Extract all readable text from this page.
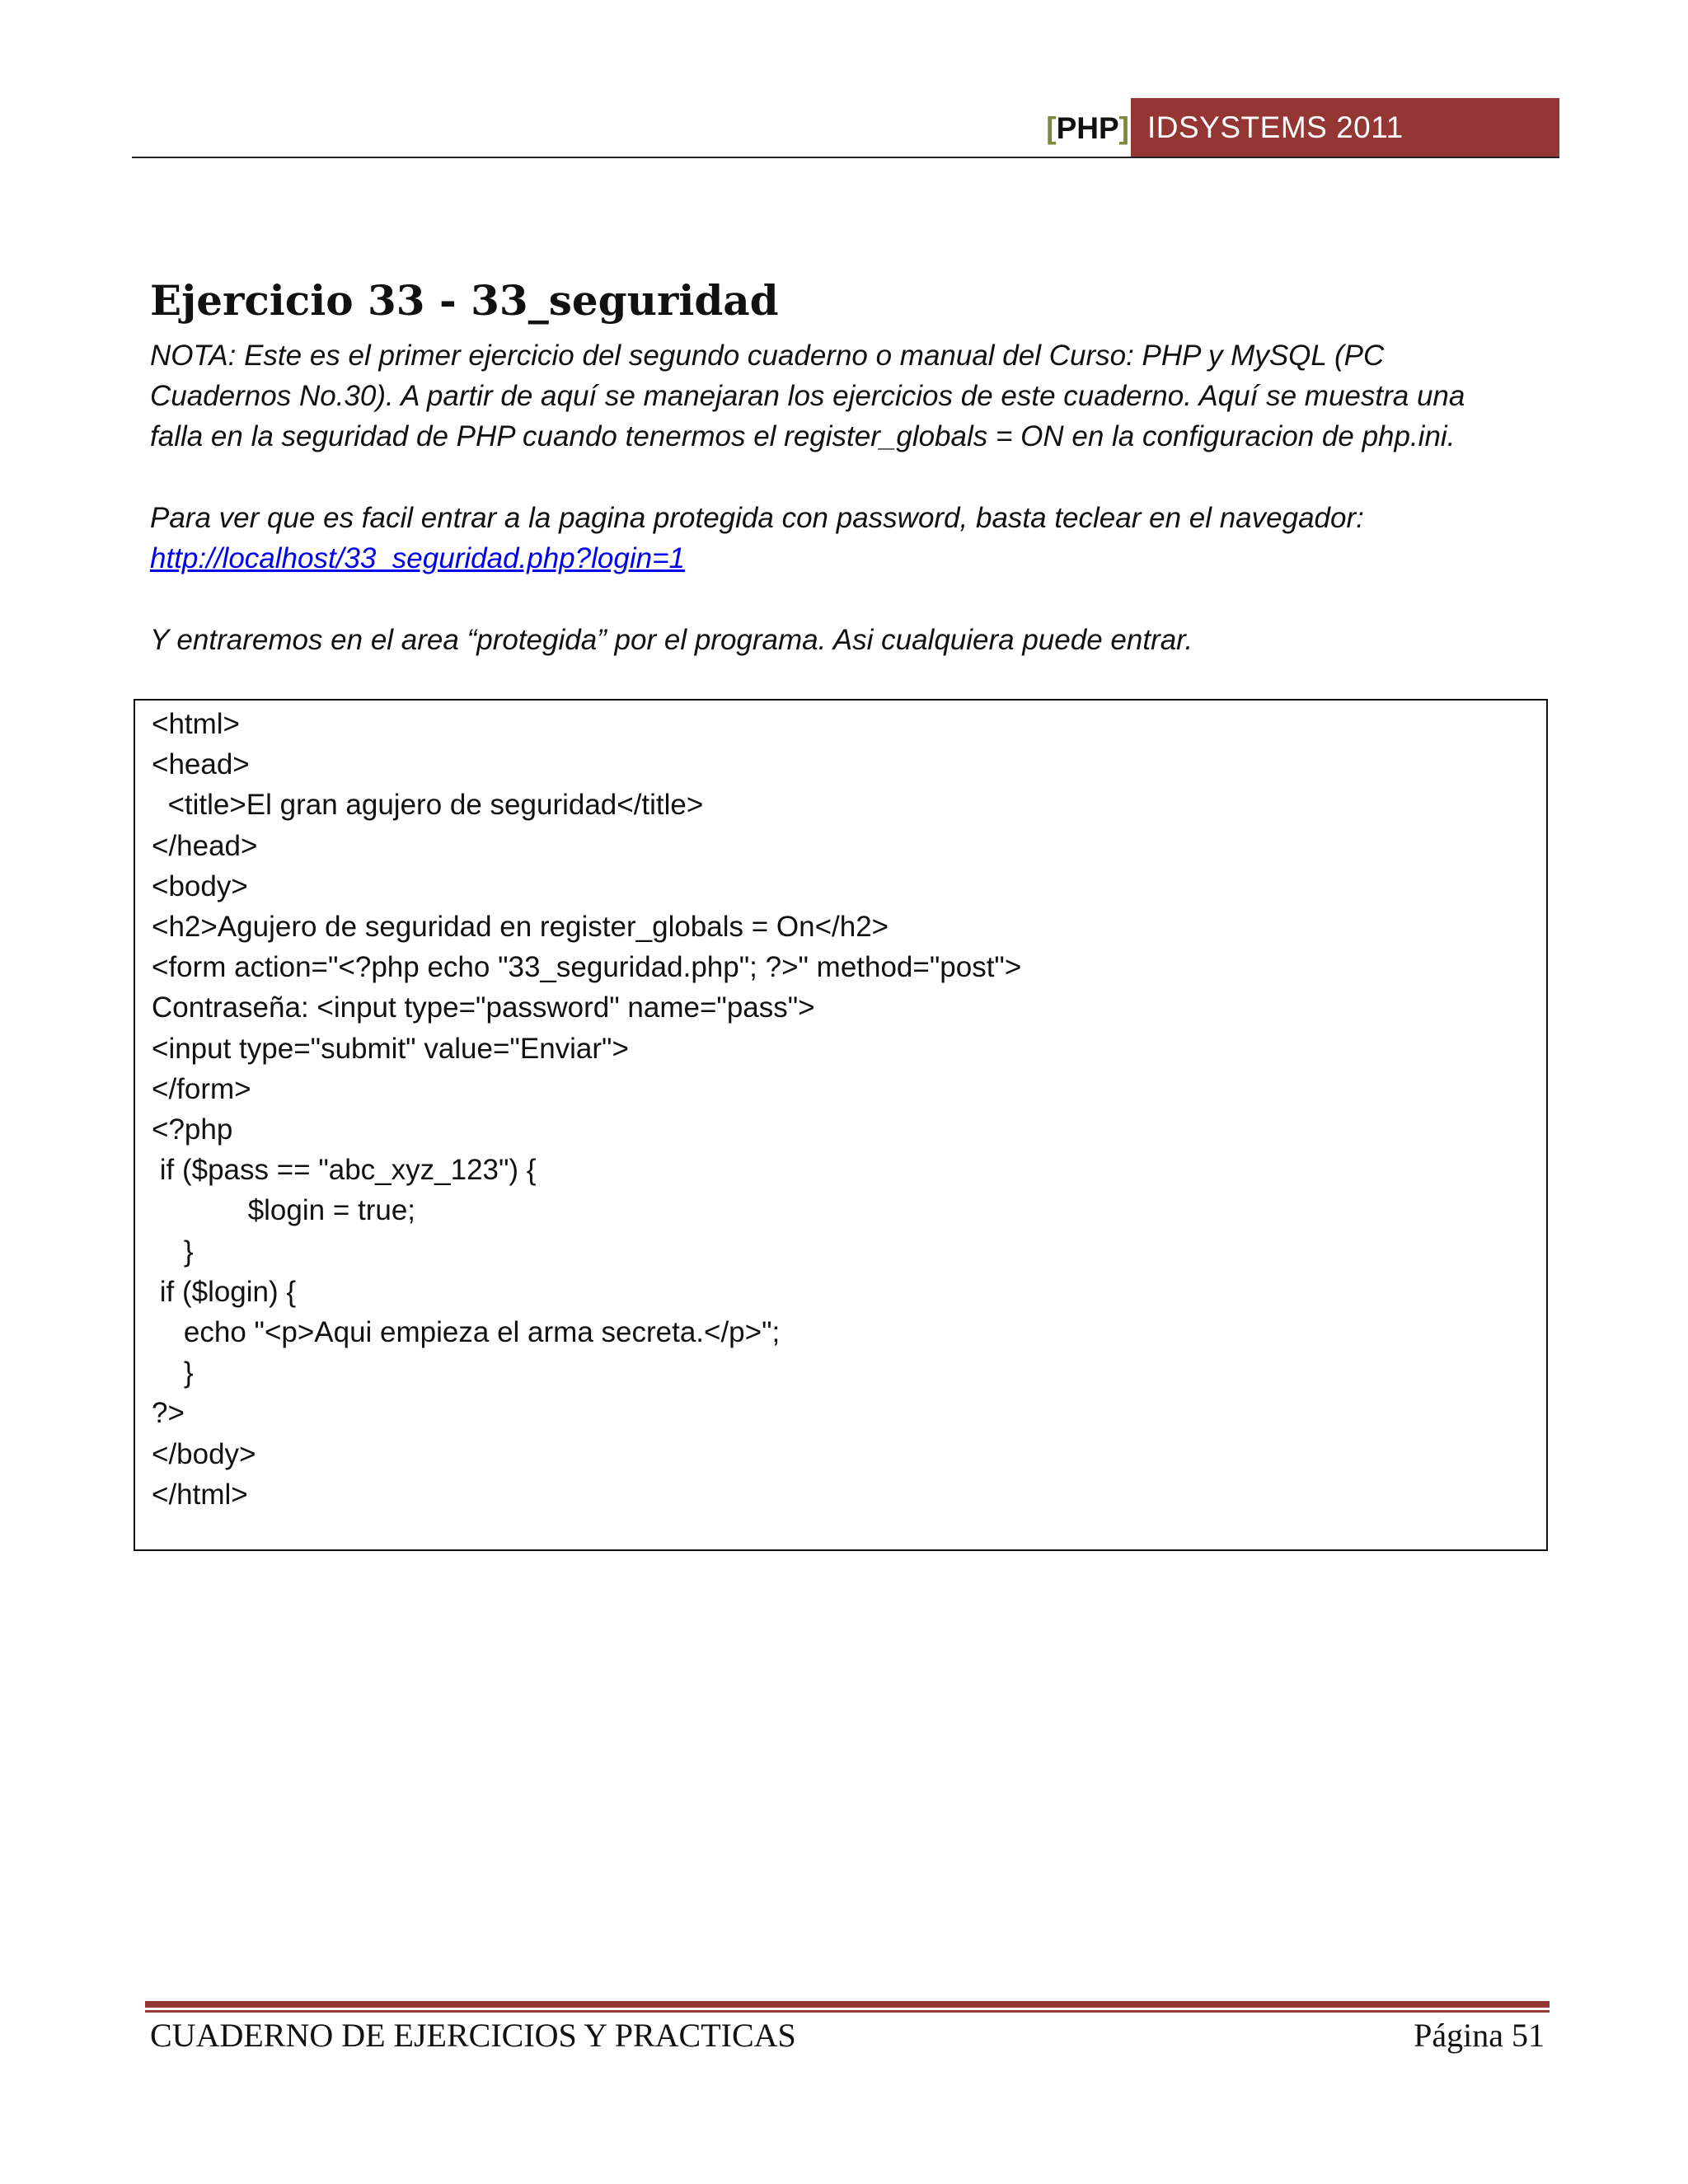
[PHP] IDSYSTEMS 2011
Ejercicio 33 - 33_seguridad
NOTA: Este es el primer ejercicio del segundo cuaderno o manual del Curso: PHP y MySQL (PC
Cuadernos No.30). A partir de aquí se manejaran los ejercicios de este cuaderno. Aquí se muestra una
falla en la seguridad de PHP cuando tenermos el register_globals = ON en la configuracion de php.ini.
Para ver que es facil entrar a la pagina protegida con password, basta teclear en el navegador:
http://localhost/33_seguridad.php?login=1
Y entraremos en el area “protegida” por el programa. Asi cualquiera puede entrar.
<html>
<head>
<title>El gran agujero de seguridad</title>
</head>
<body>
<h2>Agujero de seguridad en register_globals = On</h2>
<form action="<?php echo "33_seguridad.php"; ?>" method="post">
Contraseña: <input type="password" name="pass">
<input type="submit" value="Enviar">
</form>
<?php
if ($pass == "abc_xyz_123") {
$login = true;
}
if ($login) {
echo "<p>Aqui empieza el arma secreta.</p>";
}
?>
</body>
</html>
CUADERNO DE EJERCICIOS Y PRACTICAS	Página 51
